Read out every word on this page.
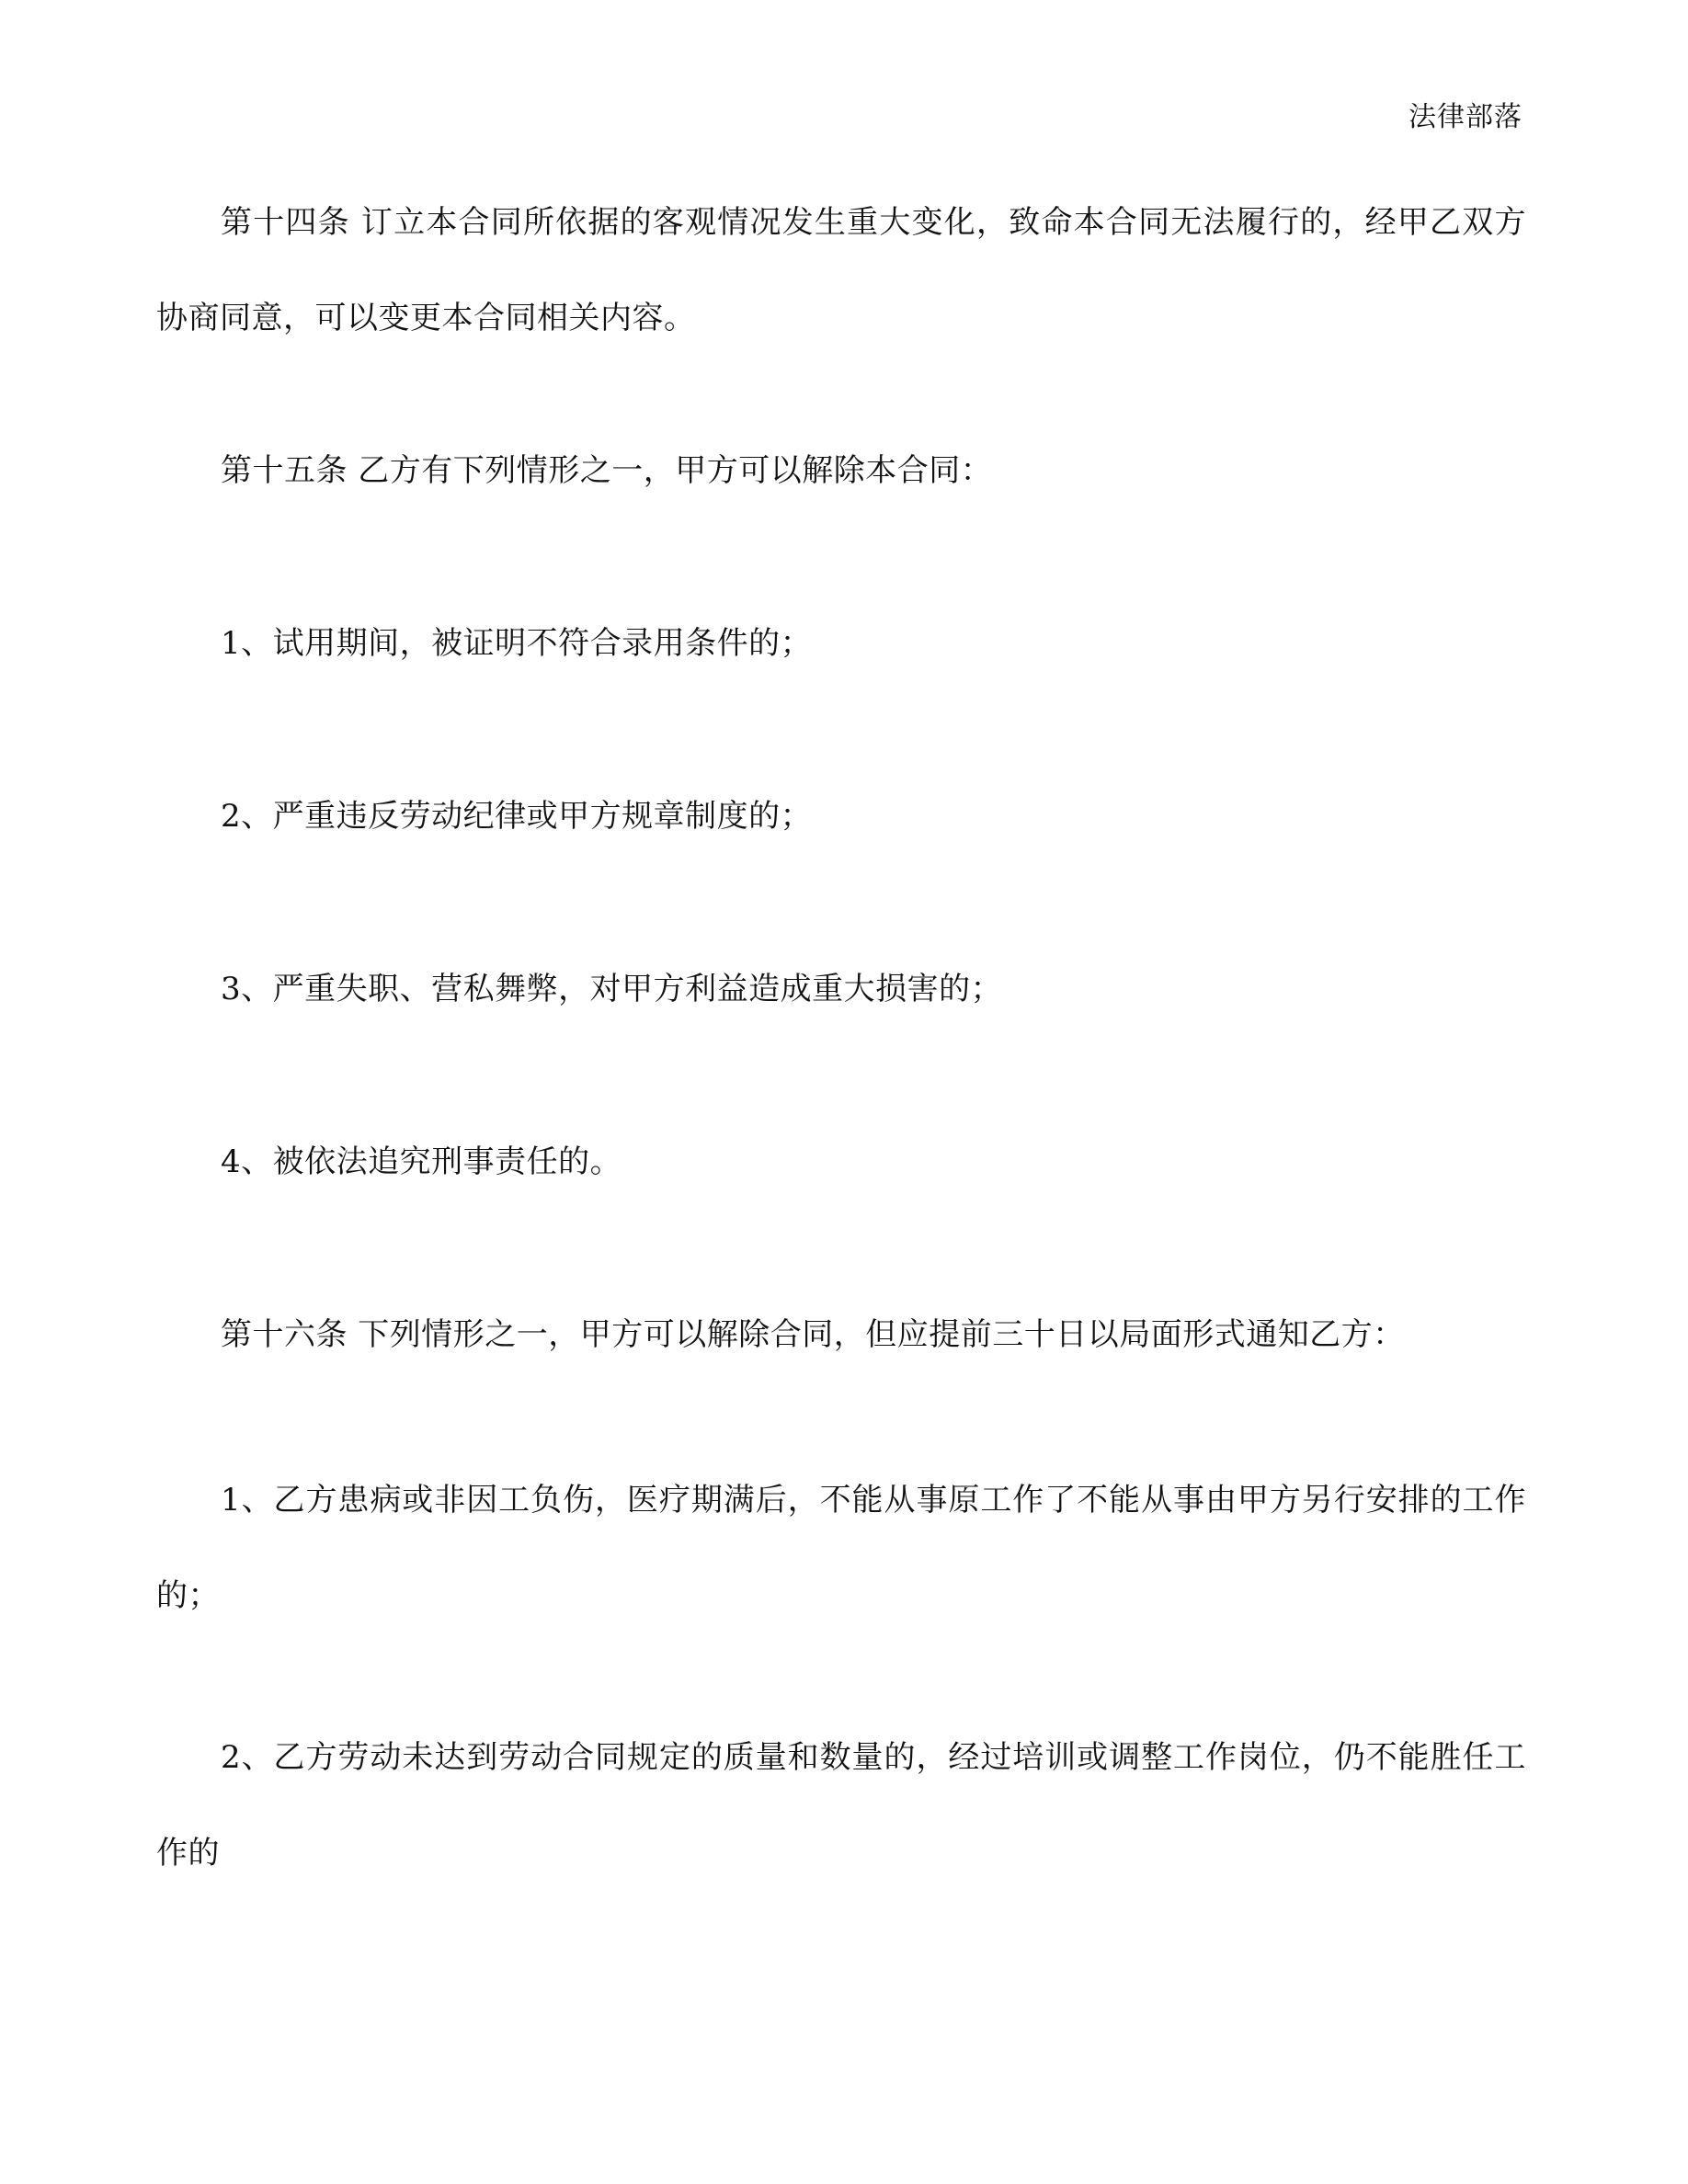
法律部落

第十四条 订立本合同所依据的客观情况发生重大变化，致命本合同无法履行的，经甲乙双方协商同意，可以变更本合同相关内容。

第十五条 乙方有下列情形之一，甲方可以解除本合同：

1、试用期间，被证明不符合录用条件的；

2、严重违反劳动纪律或甲方规章制度的；

3、严重失职、营私舞弊，对甲方利益造成重大损害的；

4、被依法追究刑事责任的。

第十六条 下列情形之一，甲方可以解除合同，但应提前三十日以局面形式通知乙方：

1、乙方患病或非因工负伤，医疗期满后，不能从事原工作了不能从事由甲方另行安排的工作的；

2、乙方劳动未达到劳动合同规定的质量和数量的，经过培训或调整工作岗位，仍不能胜任工作的
